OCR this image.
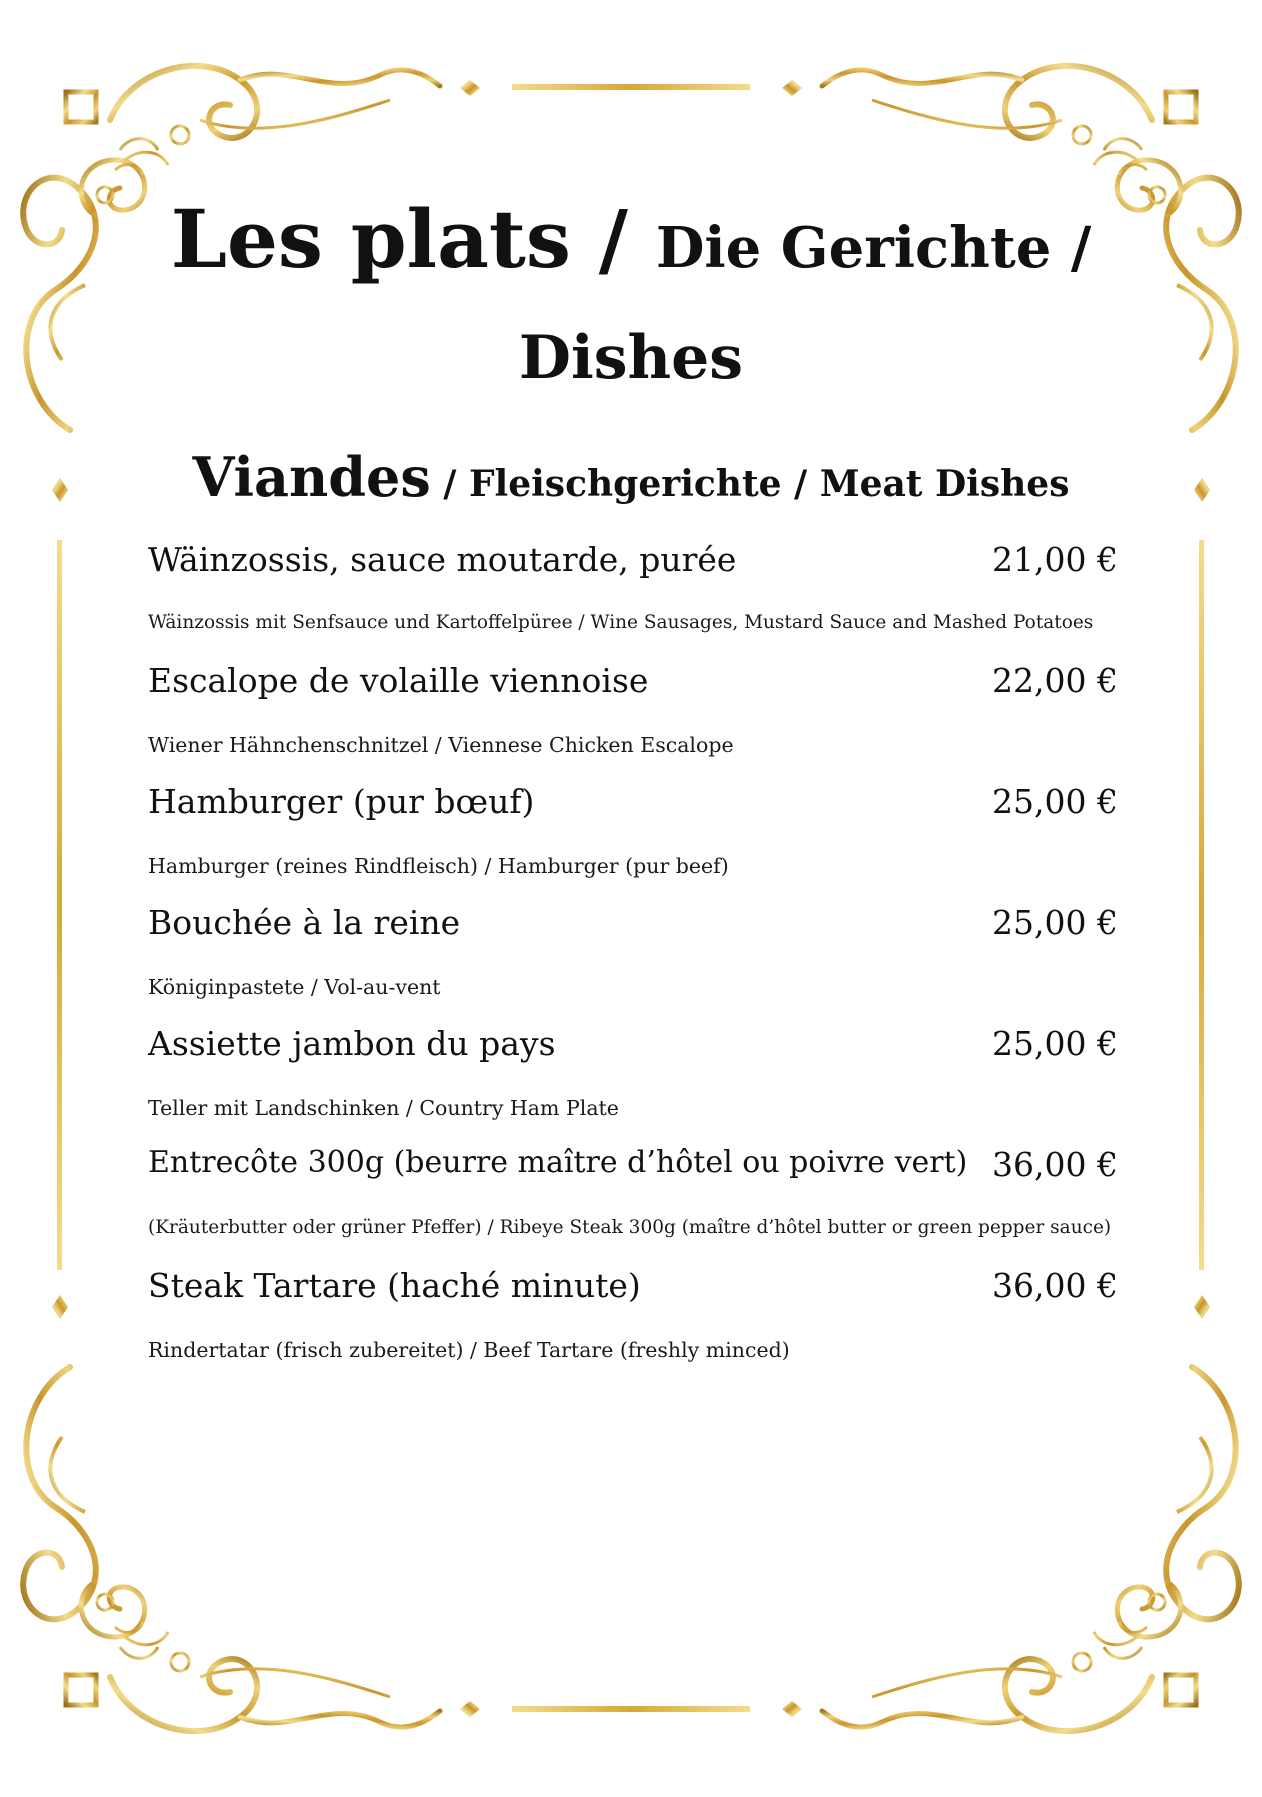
Les plats / Die Gerichte /
Dishes
Viandes / Fleischgerichte / Meat Dishes
Wäinzossis, sauce moutarde, purée	21,00 €
Wäinzossis mit Senfsauce und Kartoffelpüree / Wine Sausages, Mustard Sauce and Mashed Potatoes
Escalope de volaille viennoise	22,00 €
Wiener Hähnchenschnitzel / Viennese Chicken Escalope
Hamburger (pur bœuf)	25,00 €
Hamburger (reines Rindfleisch) / Hamburger (pur beef)
Bouchée à la reine	25,00 €
Königinpastete / Vol-au-vent
Assiette jambon du pays	25,00 €
Teller mit Landschinken / Country Ham Plate
Entrecôte 300g (beurre maître d’hôtel ou poivre vert) 36,00 €
(Kräuterbutter oder grüner Pfeffer) / Ribeye Steak 300g (maître d’hôtel butter or green pepper sauce)
Steak Tartare (haché minute)	36,00 €
Rindertatar (frisch zubereitet) / Beef Tartare (freshly minced)
